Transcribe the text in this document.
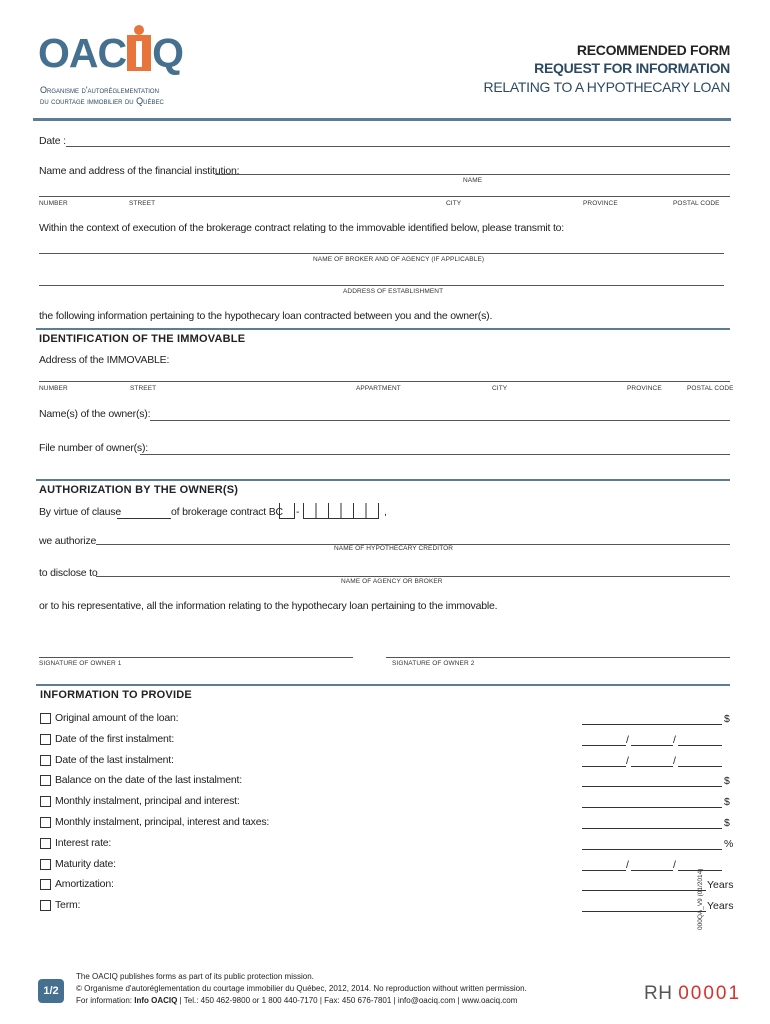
OAC Q
Organisme d'autoréglementation
du courtage immobilier du Québec
RECOMMENDED FORM
REQUEST FOR INFORMATION
RELATING TO A HYPOTHECARY LOAN
Date :
Name and address of the financial institution:
NAME
NUMBER	STREET	CITY	PROVINCE	POSTAL CODE
Within the context of execution of the brokerage contract relating to the immovable identified below, please transmit to:
NAME OF BROKER AND OF AGENCY (IF APPLICABLE)
ADDRESS OF ESTABLISHMENT
the following information pertaining to the hypothecary loan contracted between you and the owner(s).
IDENTIFICATION OF THE IMMOVABLE
Address of the IMMOVABLE:
NUMBER	STREET	APPARTMENT	CITY	PROVINCE	POSTAL CODE
Name(s) of the owner(s):
File number of owner(s):
AUTHORIZATION BY THE OWNER(S)
By virtue of clause	of brokerage contract BC -	,
we authorize
NAME OF HYPOTHECARY CREDITOR
to disclose to
NAME OF AGENCY OR BROKER
or to his representative, all the information relating to the hypothecary loan pertaining to the immovable.
SIGNATURE OF OWNER 1	SIGNATURE OF OWNER 2
INFORMATION TO PROVIDE
Original amount of the loan:	$
Date of the first instalment:	/	/
Date of the last instalment:	/	/
Balance on the date of the last instalment:	$
Monthly instalment, principal and interest:	$
Monthly instalment, principal, interest and taxes:	$
Interest rate:	%
Maturity date:	/	/
Amortization:	Years
Term:	Years
000QA_V9 (01/2014)
1/2
The OACIQ publishes forms as part of its public protection mission.
© Organisme d'autoréglementation du courtage immobilier du Québec, 2012, 2014. No reproduction without written permission.
For information: Info OACIQ | Tel.: 450 462-9800 or 1 800 440-7170 | Fax: 450 676-7801 | info@oaciq.com | www.oaciq.com	RH 00001
